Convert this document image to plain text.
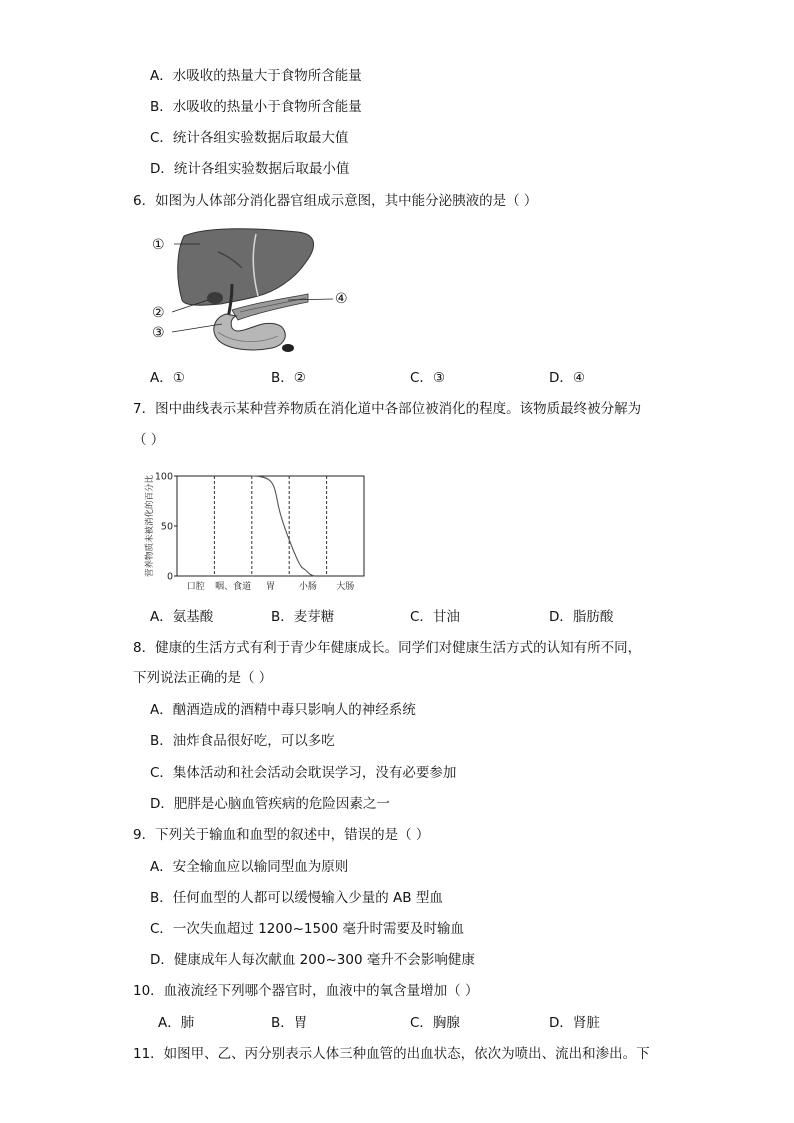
A．水吸收的热量大于食物所含能量
B．水吸收的热量小于食物所含能量
C．统计各组实验数据后取最大值
D．统计各组实验数据后取最小值
6．如图为人体部分消化器官组成示意图，其中能分泌胰液的是（ ）
①
②
③
④
A．①	B．②	C．③	D．④
7．图中曲线表示某种营养物质在消化道中各部位被消化的程度。该物质最终被分解为
（ ）
100
50
0
营养物质未被消化的百分比
口腔 咽、食道 胃	小肠 大肠
A．氨基酸	B．麦芽糖	C．甘油	D．脂肪酸
8．健康的生活方式有利于青少年健康成长。同学们对健康生活方式的认知有所不同，
下列说法正确的是（ ）
A．酗酒造成的酒精中毒只影响人的神经系统
B．油炸食品很好吃，可以多吃
C．集体活动和社会活动会耽误学习，没有必要参加
D．肥胖是心脑血管疾病的危险因素之一
9．下列关于输血和血型的叙述中，错误的是（ ）
A．安全输血应以输同型血为原则
B．任何血型的人都可以缓慢输入少量的 AB 型血
C．一次失血超过 1200~1500 毫升时需要及时输血
D．健康成年人每次献血 200~300 毫升不会影响健康
10．血液流经下列哪个器官时，血液中的氧含量增加（ ）
A．肺	B．胃	C．胸腺	D．肾脏
11．如图甲、乙、丙分别表示人体三种血管的出血状态，依次为喷出、流出和渗出。下
